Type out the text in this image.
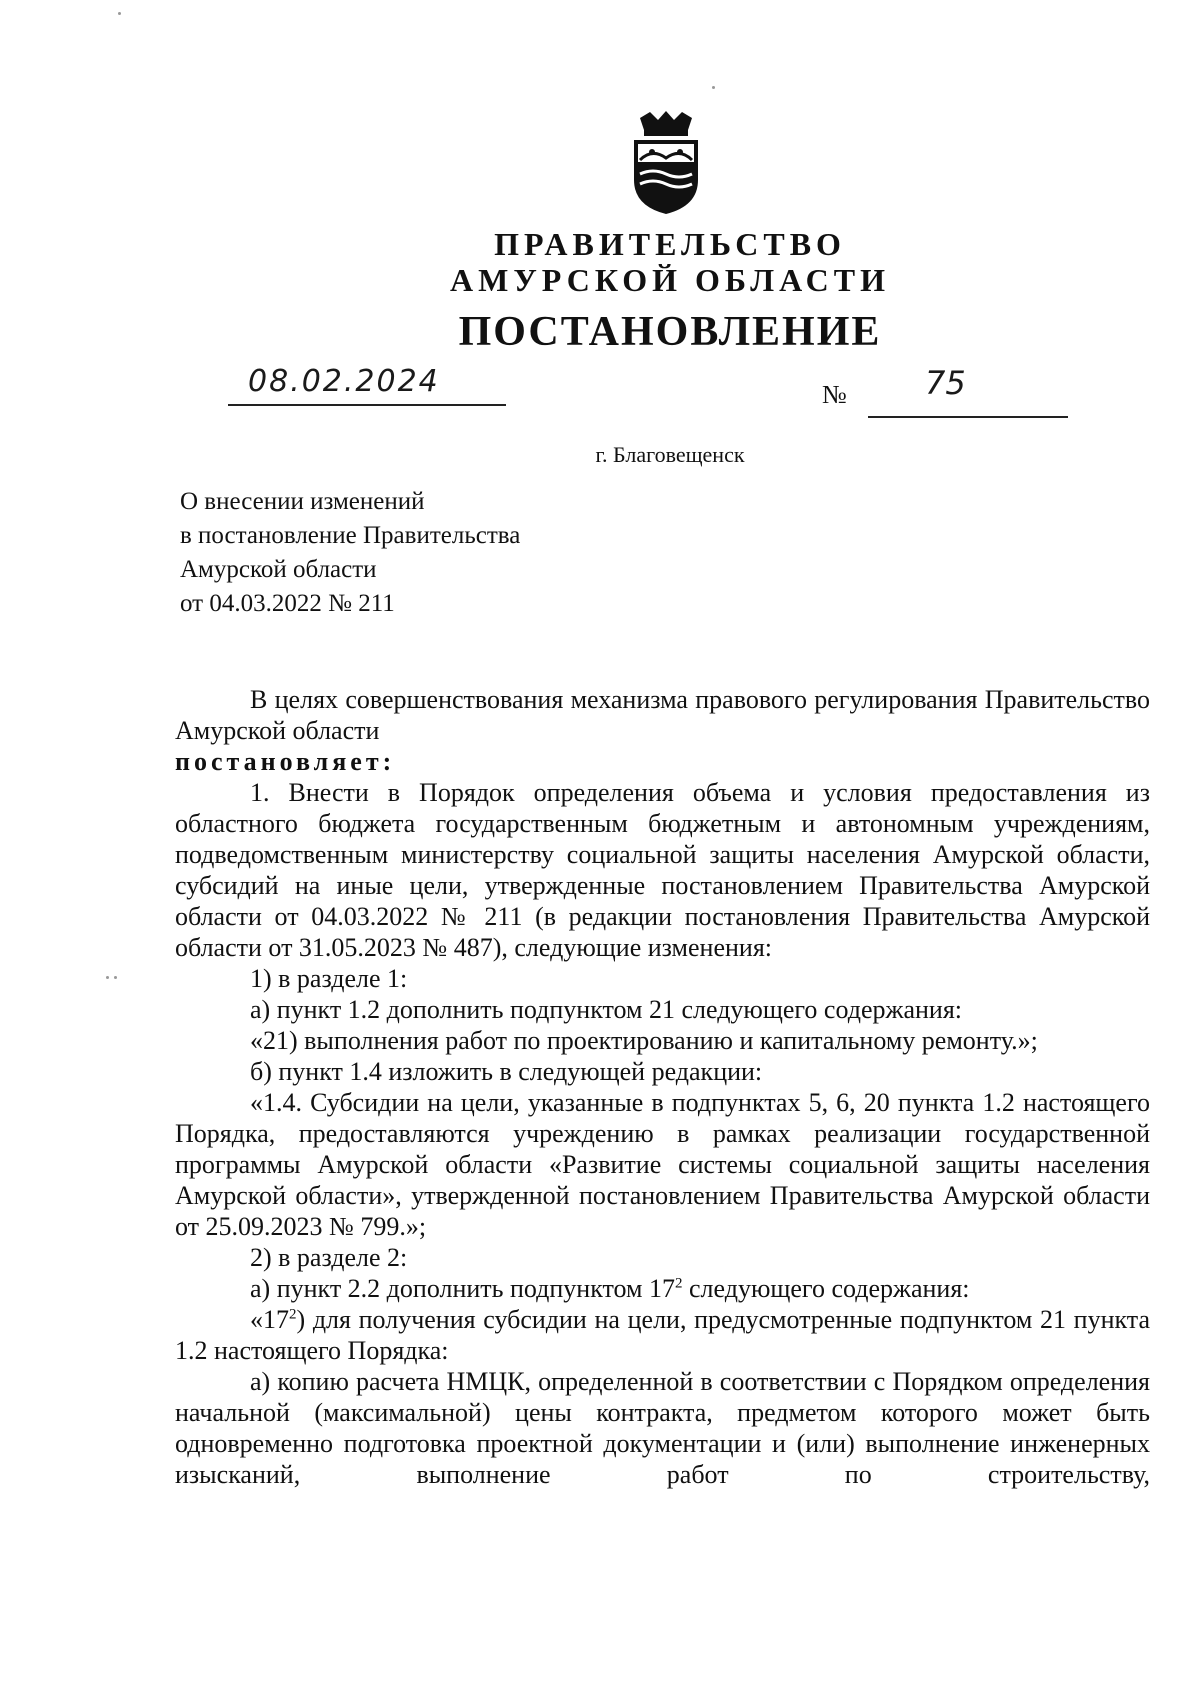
ПРАВИТЕЛЬСТВО
АМУРСКОЙ ОБЛАСТИ
ПОСТАНОВЛЕНИЕ
08.02.2024	№ 75
г. Благовещенск
О внесении изменений
в постановление Правительства
Амурской области
от 04.03.2022 № 211

В целях совершенствования механизма правового регулирования Правительство Амурской области

постановляет:

1. Внести в Порядок определения объема и условия предоставления из областного бюджета государственным бюджетным и автономным учреждениям, подведомственным министерству социальной защиты населения Амурской области, субсидий на иные цели, утвержденные постановлением Правительства Амурской области от 04.03.2022 № 211 (в редакции постановления Правительства Амурской области от 31.05.2023 № 487), следующие изменения:

1) в разделе 1:

а) пункт 1.2 дополнить подпунктом 21 следующего содержания:

«21) выполнения работ по проектированию и капитальному ремонту.»;

б) пункт 1.4 изложить в следующей редакции:

«1.4. Субсидии на цели, указанные в подпунктах 5, 6, 20 пункта 1.2 настоящего Порядка, предоставляются учреждению в рамках реализации государственной программы Амурской области «Развитие системы социальной защиты населения Амурской области», утвержденной постановлением Правительства Амурской области от 25.09.2023 № 799.»;

2) в разделе 2:

а) пункт 2.2 дополнить подпунктом $17^2$ следующего содержания:

«$17^2$) для получения субсидии на цели, предусмотренные подпунктом 21 пункта 1.2 настоящего Порядка:

а) копию расчета НМЦК, определенной в соответствии с Порядком определения начальной (максимальной) цены контракта, предметом которого может быть одновременно подготовка проектной документации и (или) выполнение инженерных изысканий, выполнение работ по строительству,
